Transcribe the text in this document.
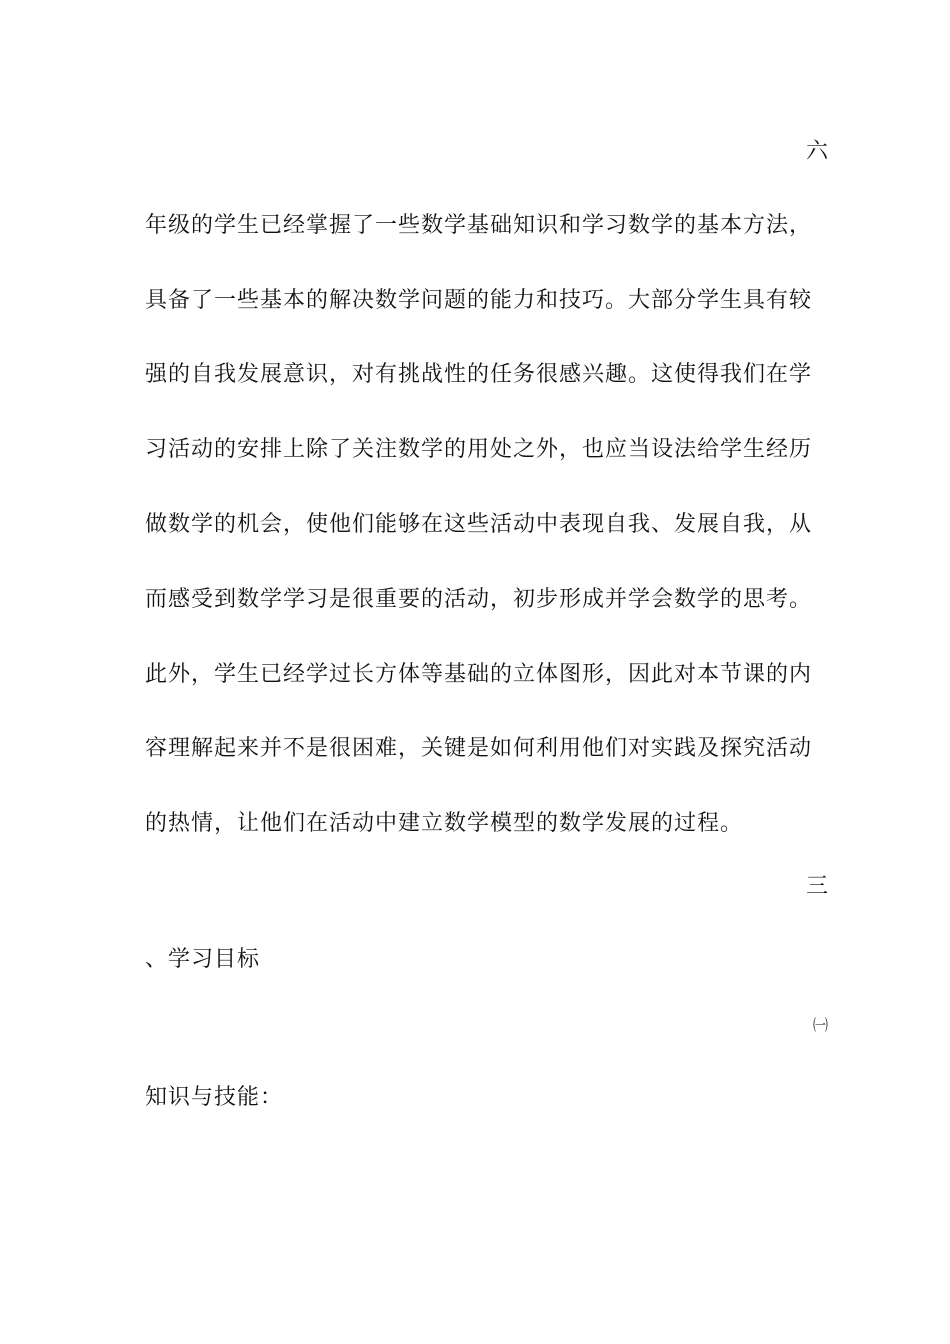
六
年级的学生已经掌握了一些数学基础知识和学习数学的基本方法，
具备了一些基本的解决数学问题的能力和技巧。大部分学生具有较
强的自我发展意识，对有挑战性的任务很感兴趣。这使得我们在学
习活动的安排上除了关注数学的用处之外，也应当设法给学生经历
做数学的机会，使他们能够在这些活动中表现自我、发展自我，从
而感受到数学学习是很重要的活动，初步形成并学会数学的思考。
此外，学生已经学过长方体等基础的立体图形，因此对本节课的内
容理解起来并不是很困难，关键是如何利用他们对实践及探究活动
的热情，让他们在活动中建立数学模型的数学发展的过程。
三
、学习目标
㈠
知识与技能：
